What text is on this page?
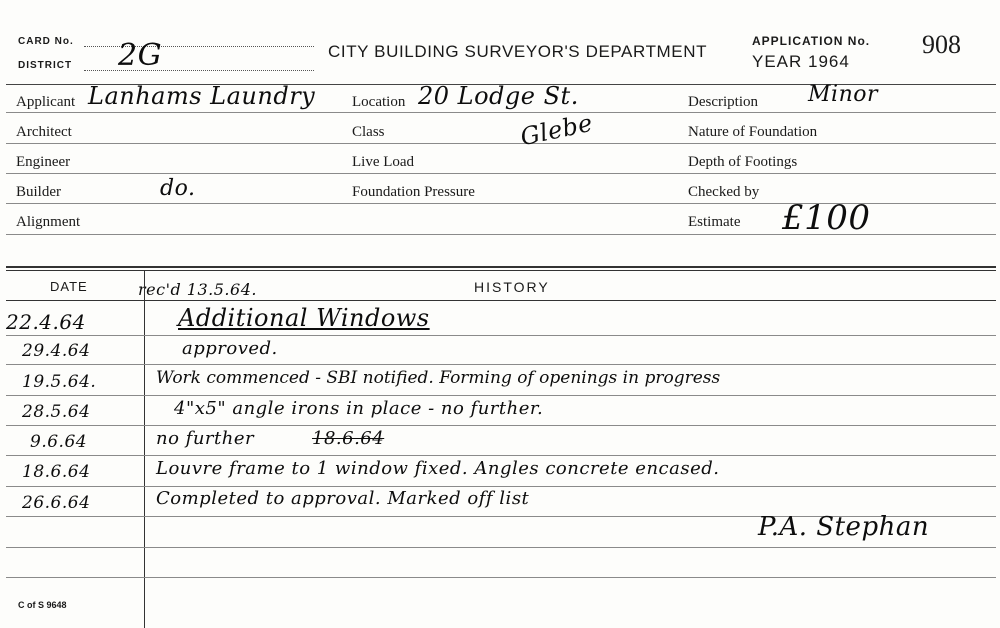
CARD No.
DISTRICT 2G	CITY BUILDING SURVEYOR'S DEPARTMENT
APPLICATION No. 908
YEAR 1964
Applicant Lanhams Laundry
Architect
Engineer
Builder	do.
Alignment
Location 20 Lodge St.
Class	Glebe
Live Load
Foundation Pressure
Description Minor
Nature of Foundation
Depth of Footings
Checked by
Estimate £100
DATE	HISTORY
rec'd 13.5.64.
22.4.64	Additional Windows
29.4.64	approved.
19.5.64.	Work commenced - SBI notified. Forming of openings in progress
28.5.64	4"x5" angle irons in place - no further.
9.6.64	no further	18.6.64
18.6.64	Louvre frame to 1 window fixed. Angles concrete encased.
26.6.64	Completed to approval. Marked off list
P.A. Stephan
C of S 9648
